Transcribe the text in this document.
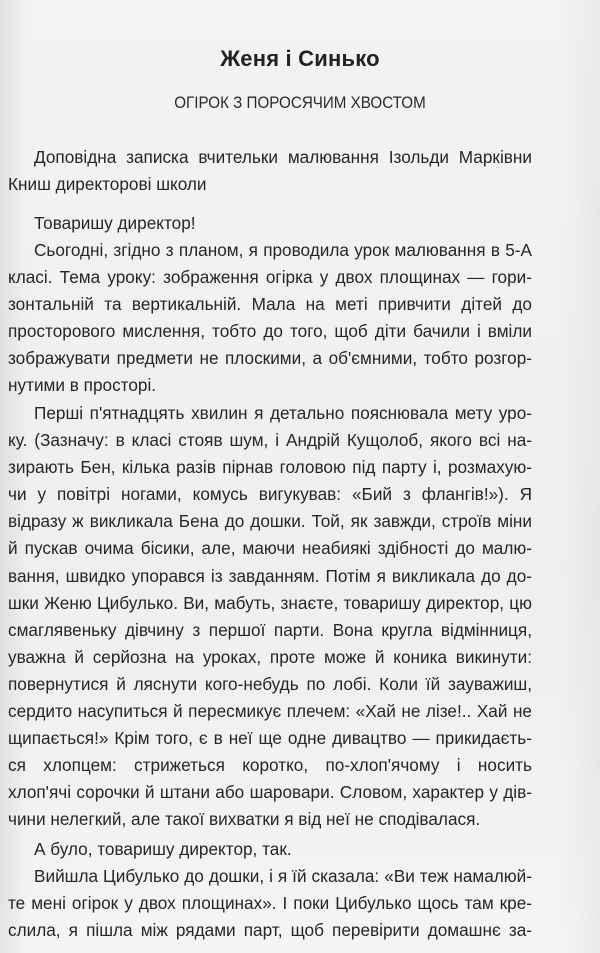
Женя і Синько
ОГІРОК З ПОРОСЯЧИМ ХВОСТОМ
Доповідна записка вчительки малювання Ізольди Марківни
Книш директорові школи
Товаришу директор!
Сьогодні, згідно з планом, я проводила урок малювання в 5-А
класі. Тема уроку: зображення огірка у двох площинах — гори-
зонтальній та вертикальній. Мала на меті привчити дітей до
просторового мислення, тобто до того, щоб діти бачили і вміли
зображувати предмети не плоскими, а об'ємними, тобто розгор-
нутими в просторі.
Перші п'ятнадцять хвилин я детально пояснювала мету уро-
ку. (Зазначу: в класі стояв шум, і Андрій Кущолоб, якого всі на-
зирають Бен, кілька разів пірнав головою під парту і, розмахую-
чи у повітрі ногами, комусь вигукував: «Бий з флангів!»). Я
відразу ж викликала Бена до дошки. Той, як завжди, строїв міни
й пускав очима бісики, але, маючи неабиякі здібності до малю-
вання, швидко упорався із завданням. Потім я викликала до до-
шки Женю Цибулько. Ви, мабуть, знаєте, товаришу директор, цю
смаглявеньку дівчину з першої парти. Вона кругла відмінниця,
уважна й серйозна на уроках, проте може й коника викинути:
повернутися й ляснути кого-небудь по лобі. Коли їй зауважиш,
сердито насупиться й пересмикує плечем: «Хай не лізе!.. Хай не
щипається!» Крім того, є в неї ще одне дивацтво — прикидаєть-
ся хлопцем: стрижеться коротко, по-хлоп'ячому і носить
хлоп'ячі сорочки й штани або шаровари. Словом, характер у дів-
чини нелегкий, але такої вихватки я від неї не сподівалася.
А було, товаришу директор, так.
Вийшла Цибулько до дошки, і я їй сказала: «Ви теж намалюй-
те мені огірок у двох площинах». І поки Цибулько щось там кре-
слила, я пішла між рядами парт, щоб перевірити домашнє за-
